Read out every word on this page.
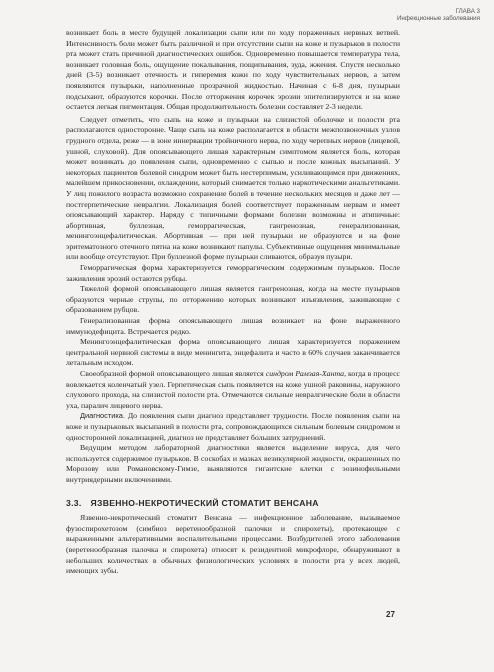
ГЛАВА 3
Инфекционные заболевания

возникает боль в месте будущей локализации сыпи или по ходу пораженных нервных ветвей. Интенсивность боли может быть различной и при отсутствии сыпи на коже и пузырьков в полости рта может стать причиной диагностических ошибок. Одновременно повышается температура тела, возникает головная боль, ощущение покалывания, пощипывания, зуда, жжения. Спустя несколько дней (3-5) возникает отечность и гиперемия кожи по ходу чувствительных нервов, а затем появляются пузырьки, наполненные прозрачной жидкостью. Начиная с 6-8 дня, пузырьки подсыхают, образуются корочки. После отторжения корочек эрозии эпителизируются и на коже остается легкая пигментация. Общая продолжительность болезни составляет 2-3 недели.

Следует отметить, что сыпь на коже и пузырьки на слизистой оболочке и полости рта располагаются односторонне. Чаще сыпь на коже располагается в области межпозвоночных узлов грудного отдела, реже — в зоне иннервации тройничного нерва, по ходу черепных нервов (лицевой, ушной, слуховой). Для опоясывающего лишая характерным симптомом является боль, которая может возникать до появления сыпи, одновременно с сыпью и после кожных высыпаний. У некоторых пациентов болевой синдром может быть нестерпимым, усиливающимся при движениях, малейшем прикосновении, охлаждении, который снимается только наркотическими анальгетиками. У лиц пожилого возраста возможно сохранение болей в течение нескольких месяцев и даже лет — постгерпетические невралгии. Локализация болей соответствует пораженным нервам и имеет опоясывающий характер. Наряду с типичными формами болезни возможны и атипичные: абортивная, буллезная, геморрагическая, гангренозная, генерализованная, менингоэнцефалитическая. Абортивная — при ней пузырьки не образуются и на фоне эритематозного отечного пятна на коже возникают папулы. Субъективные ощущения минимальные или вообще отсутствуют. При буллезной форме пузырьки сливаются, образуя пузыри.

Геморрагическая форма характеризуется геморрагическим содержимым пузырьков. После заживления эрозий остаются рубцы.

Тяжелой формой опоясывающего лишая является гангренозная, когда на месте пузырьков образуются черные струпы, по отторжению которых возникают изъязвления, заживающие с образованием рубцов.

Генерализованная форма опоясывающего лишая возникает на фоне выраженного иммунодефицита. Встречается редко.

Менингоэнцефалитическая форма опоясывающего лишая характеризуется поражением центральной нервной системы в виде менингита, энцефалита и часто в 60% случаев заканчивается летальным исходом.

Своеобразной формой опоясывающего лишая является синдром Рамзая-Ханта, когда в процесс вовлекается коленчатый узел. Герпетическая сыпь появляется на коже ушной раковины, наружного слухового прохода, на слизистой полости рта. Отмечаются сильные невралгические боли в области уха, паралич лицевого нерва.

Диагностика. До появления сыпи диагноз представляет трудности. После появления сыпи на коже и пузырьковых высыпаний в полости рта, сопровождающихся сильным болевым синдромом и односторонней локализацией, диагноз не представляет больших затруднений.

Ведущим методом лабораторной диагностики является выделение вируса, для чего используется содержимое пузырьков. В соскобах и мазках везикулярной жидкости, окрашенных по Морозову или Романовскому-Гимзе, выявляются гигантские клетки с эозинофильными внутриядерными включениями.

3.3. ЯЗВЕННО-НЕКРОТИЧЕСКИЙ СТОМАТИТ ВЕНСАНА

Язвенно-некротический стоматит Венсана — инфекционное заболевание, вызываемое фузоспирохетозом (симбиоз веретенообразной палочки и спирохеты), протекающее с выраженными альтеративными воспалительными процессами. Возбудителей этого заболевания (веретенообразная палочка и спирохета) относят к резидентной микрофлоре, обнаруживают в небольших количествах в обычных физиологических условиях в полости рта у всех людей, имеющих зубы.

27
